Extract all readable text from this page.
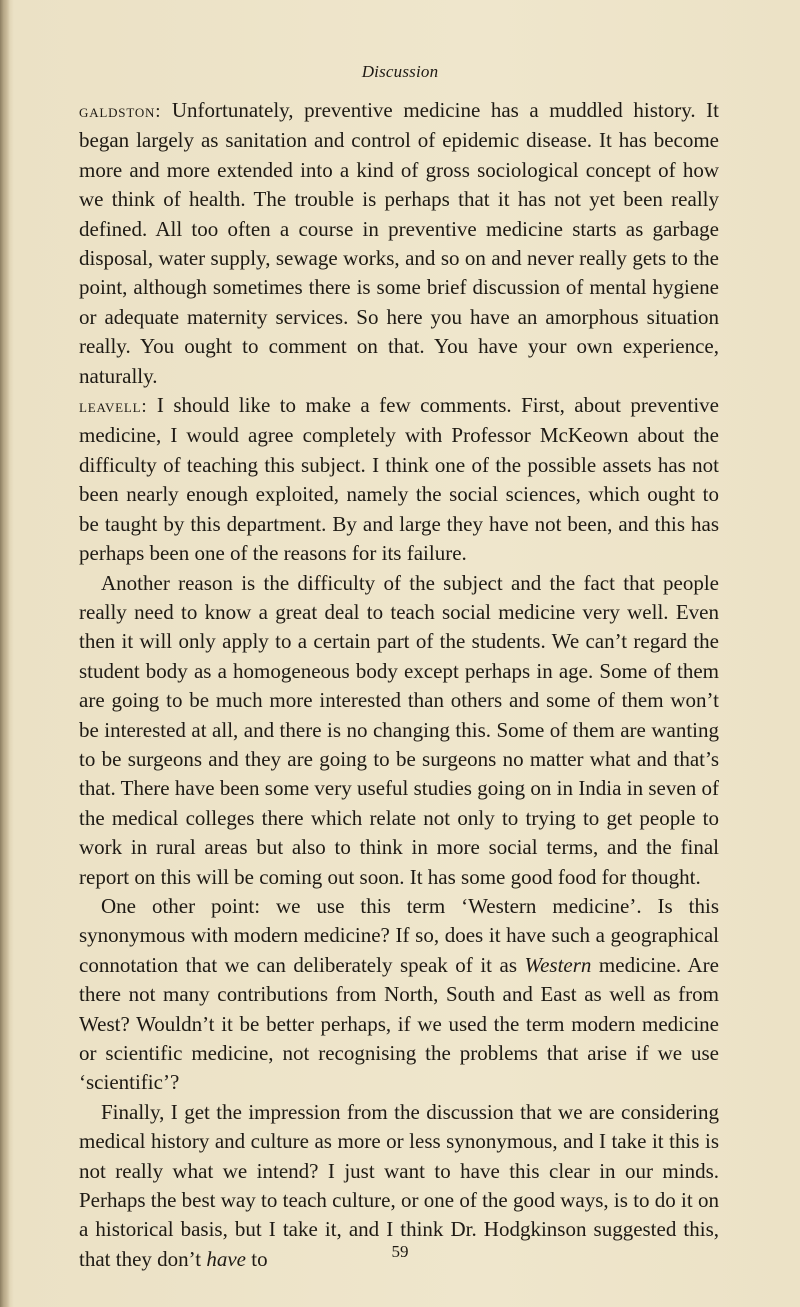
Discussion

galdston: Unfortunately, preventive medicine has a muddled history. It began largely as sanitation and control of epidemic disease. It has become more and more extended into a kind of gross sociological concept of how we think of health. The trouble is perhaps that it has not yet been really defined. All too often a course in preventive medicine starts as garbage disposal, water supply, sewage works, and so on and never really gets to the point, although sometimes there is some brief discussion of mental hygiene or adequate maternity services. So here you have an amorphous situation really. You ought to comment on that. You have your own experience, naturally.

leavell: I should like to make a few comments. First, about preventive medicine, I would agree completely with Professor McKeown about the difficulty of teaching this subject. I think one of the possible assets has not been nearly enough exploited, namely the social sciences, which ought to be taught by this department. By and large they have not been, and this has perhaps been one of the reasons for its failure.

Another reason is the difficulty of the subject and the fact that people really need to know a great deal to teach social medicine very well. Even then it will only apply to a certain part of the students. We can’t regard the student body as a homogeneous body except perhaps in age. Some of them are going to be much more interested than others and some of them won’t be interested at all, and there is no changing this. Some of them are wanting to be surgeons and they are going to be surgeons no matter what and that’s that. There have been some very useful studies going on in India in seven of the medical colleges there which relate not only to trying to get people to work in rural areas but also to think in more social terms, and the final report on this will be coming out soon. It has some good food for thought.

One other point: we use this term ‘Western medicine’. Is this synonymous with modern medicine? If so, does it have such a geographical connotation that we can deliberately speak of it as Western medicine. Are there not many contributions from North, South and East as well as from West? Wouldn’t it be better perhaps, if we used the term modern medicine or scientific medicine, not recognising the problems that arise if we use ‘scientific’?

Finally, I get the impression from the discussion that we are considering medical history and culture as more or less synonymous, and I take it this is not really what we intend? I just want to have this clear in our minds. Perhaps the best way to teach culture, or one of the good ways, is to do it on a historical basis, but I take it, and I think Dr. Hodgkinson suggested this, that they don’t have to	59
